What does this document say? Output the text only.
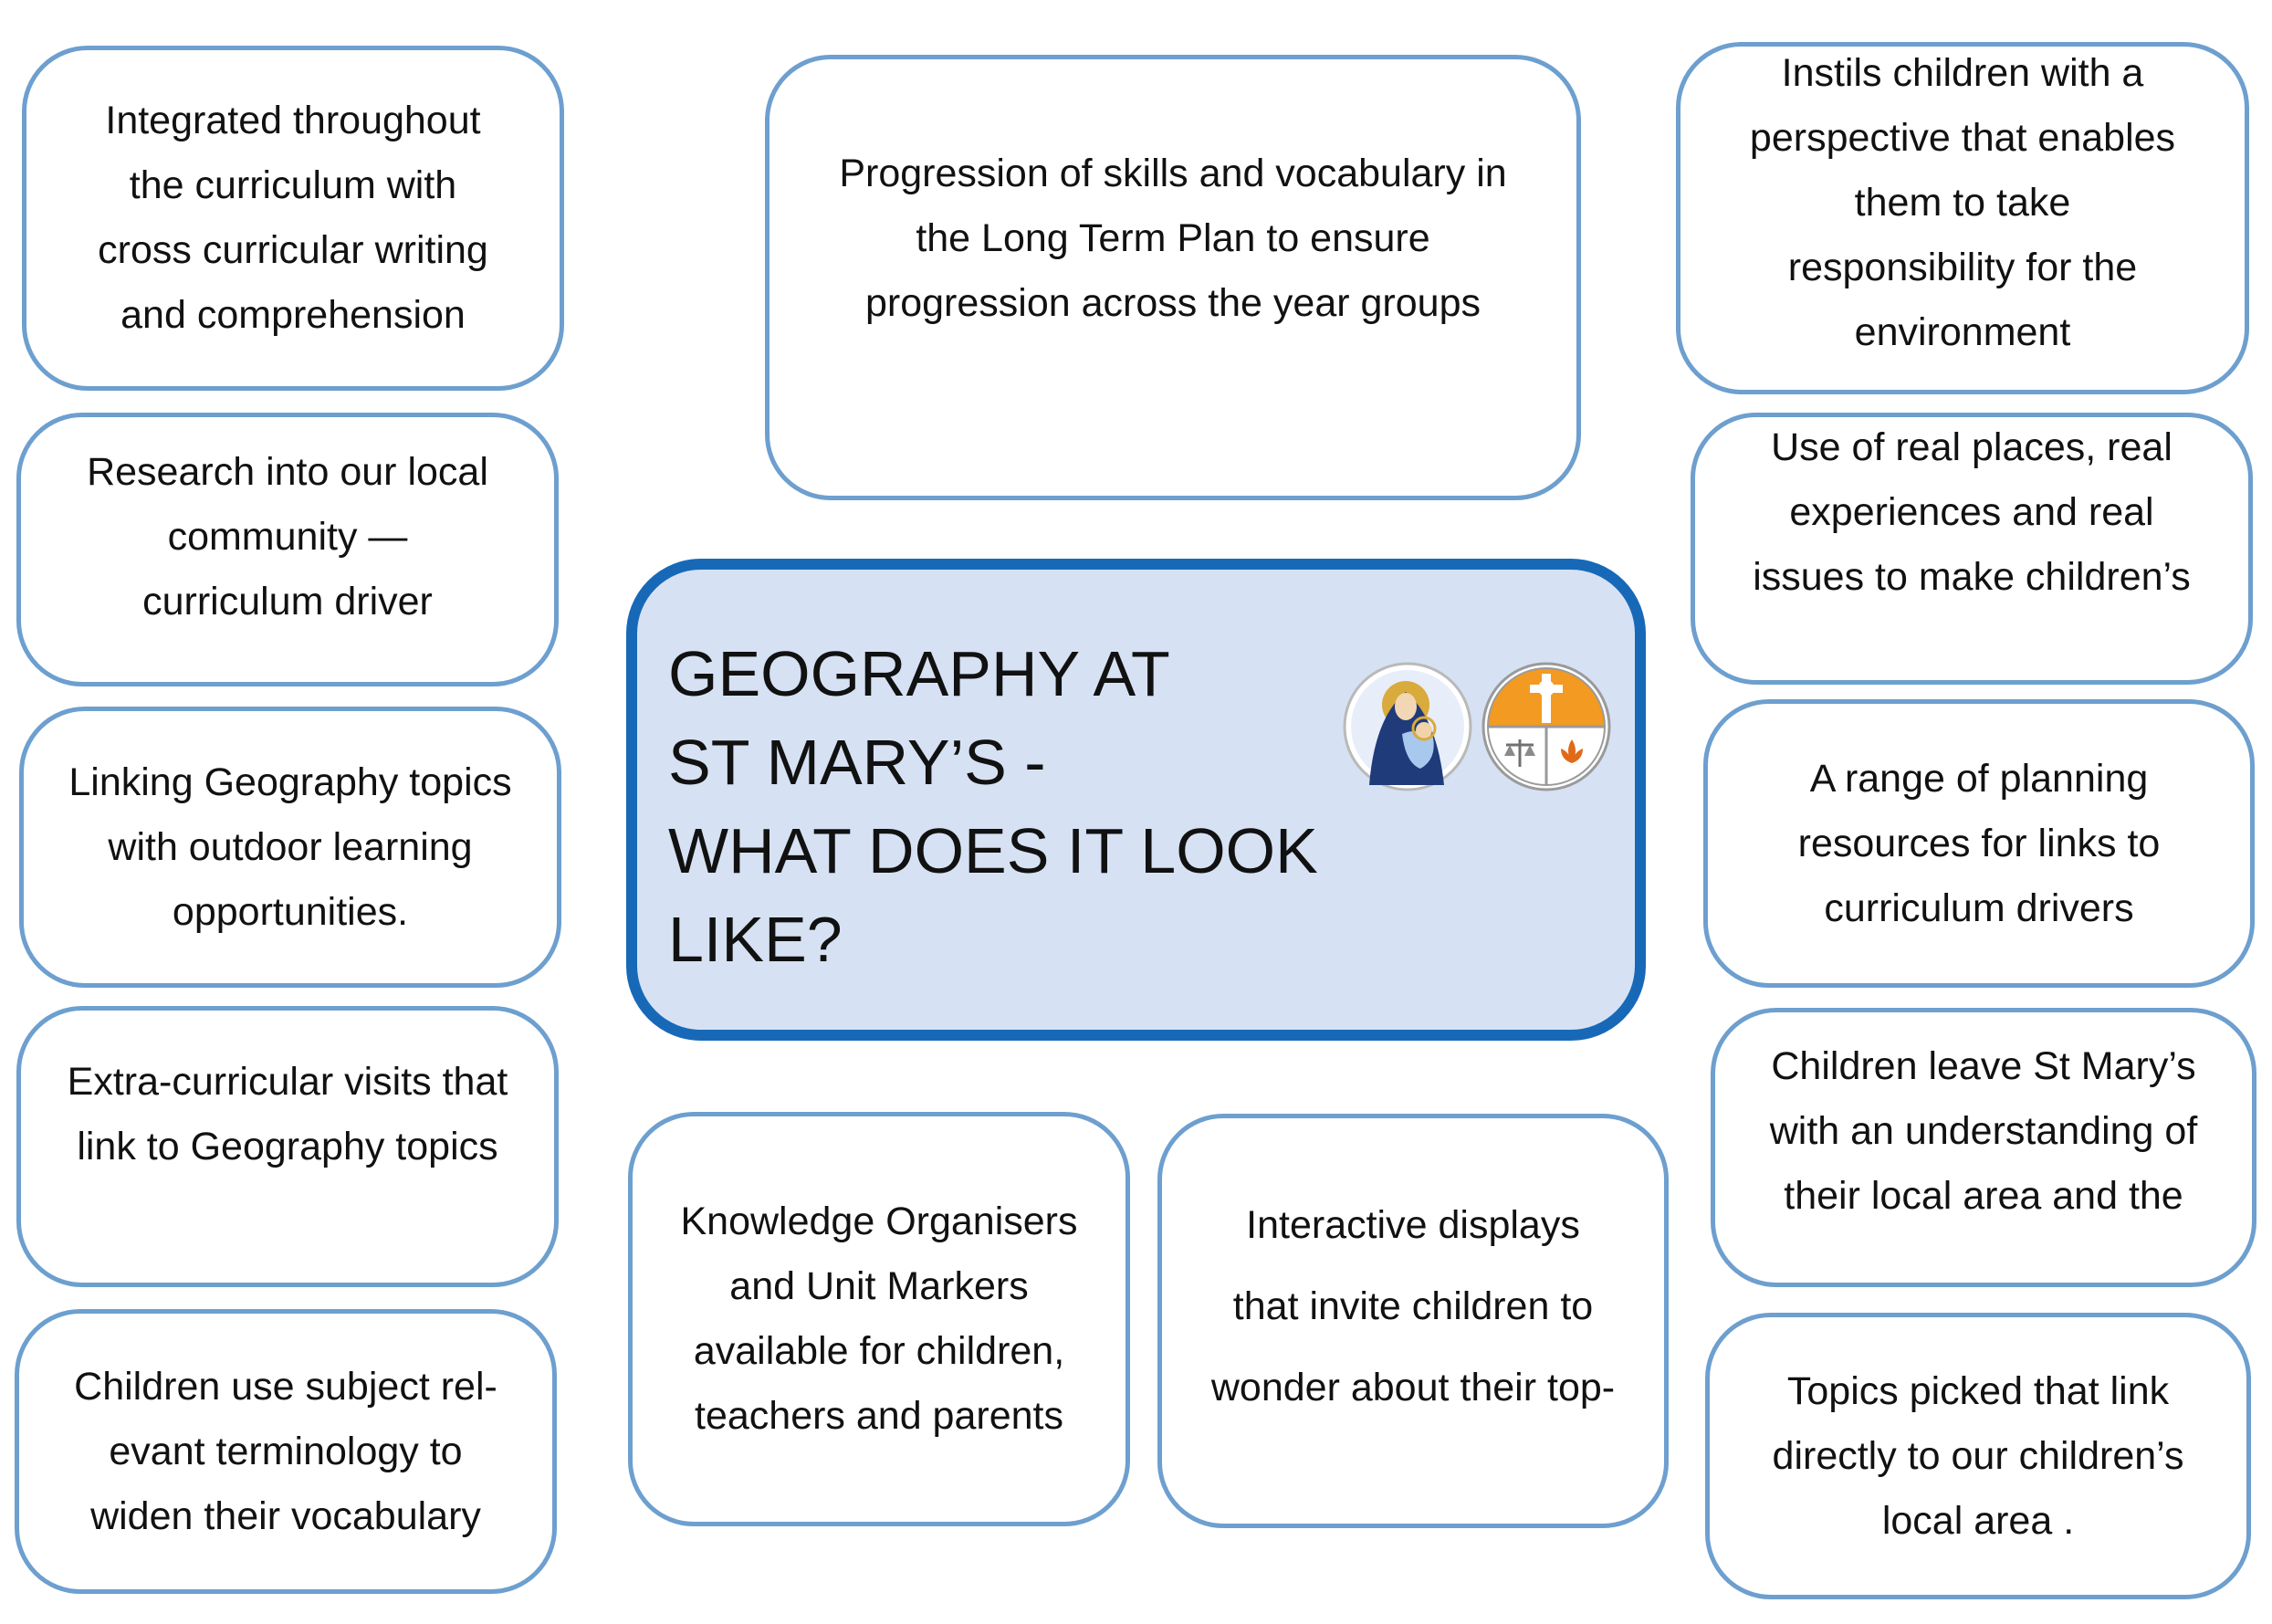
Integrated throughout
the curriculum with
cross curricular writing
and comprehension

Research into our local
community —
curriculum driver

Linking Geography topics
with outdoor learning
opportunities.

Extra-curricular visits that
link to Geography topics

Children use subject rel-
evant terminology to
widen their vocabulary

Progression of skills and vocabulary in
the Long Term Plan to ensure
progression across the year groups

GEOGRAPHY AT
ST MARY’S -
WHAT DOES IT LOOK
LIKE?

Knowledge Organisers
and Unit Markers
available for children,
teachers and parents

Interactive displays
that invite children to
wonder about their top-

Instils children with a
perspective that enables
them to take
responsibility for the
environment

Use of real places, real
experiences and real
issues to make children’s

A range of planning
resources for links to
curriculum drivers

Children leave St Mary’s
with an understanding of
their local area and the

Topics picked that link
directly to our children’s
local area .
